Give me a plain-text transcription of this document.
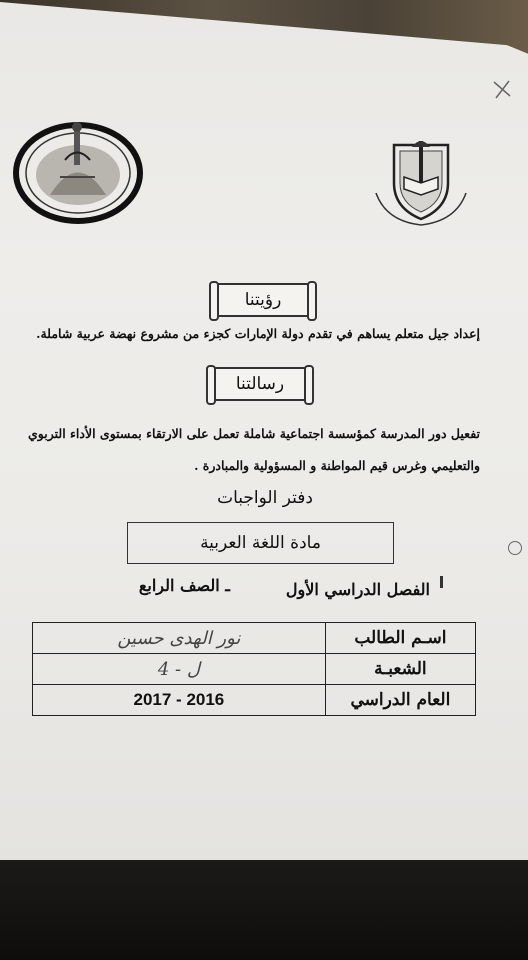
رؤيتنا
إعداد جيل متعلم يساهم في تقدم دولة الإمارات كجزء من مشروع نهضة عربية شاملة.
رسالتنا
تفعيل دور المدرسة كمؤسسة اجتماعية شاملة تعمل على الارتقاء بمستوى الأداء التربوي
والتعليمي وغرس قيم المواطنة و المسؤولية والمبادرة .
دفتر الواجبات
مادة اللغة العربية
الفصل الدراسي الأول
ـ الصف الرابع
نور الهدى حسين	اسـم الطالب
4 - ل	الشعبـة
2017 - 2016	العام الدراسي
